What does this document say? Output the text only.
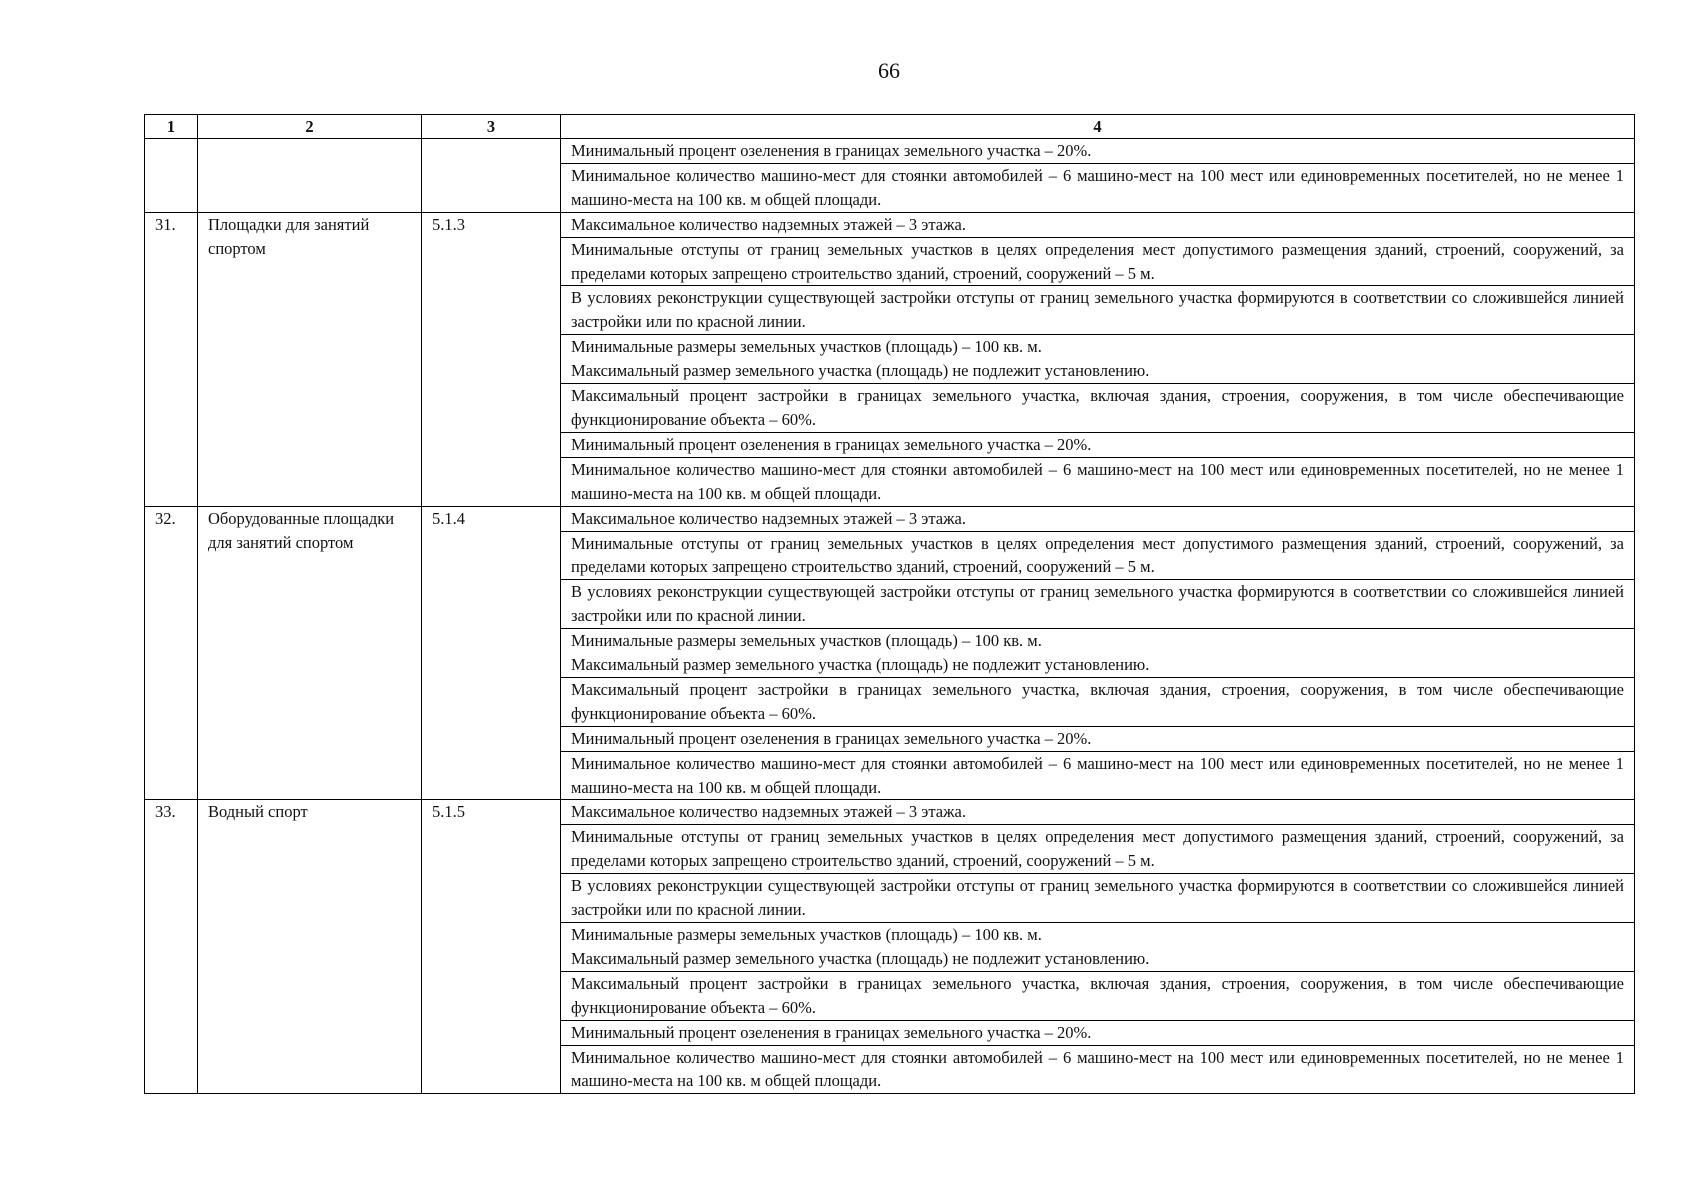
66
1	2	3	4

			Минимальный процент озеленения в границах земельного участка – 20%.

			Минимальное количество машино-мест для стоянки автомобилей – 6 машино-мест на 100 мест или единовременных посетителей, но не менее 1 машино-места на 100 кв. м общей площади.

31.	Площадки для занятий спортом	5.1.3	Максимальное количество надземных этажей – 3 этажа.

			Минимальные отступы от границ земельных участков в целях определения мест допустимого размещения зданий, строений, сооружений, за пределами которых запрещено строительство зданий, строений, сооружений – 5 м.

			В условиях реконструкции существующей застройки отступы от границ земельного участка формируются в соответствии со сложившейся линией застройки или по красной линии.

			Минимальные размеры земельных участков (площадь) – 100 кв. м.
Максимальный размер земельного участка (площадь) не подлежит установлению.

			Максимальный процент застройки в границах земельного участка, включая здания, строения, сооружения, в том числе обеспечивающие функционирование объекта – 60%.

			Минимальный процент озеленения в границах земельного участка – 20%.

			Минимальное количество машино-мест для стоянки автомобилей – 6 машино-мест на 100 мест или единовременных посетителей, но не менее 1 машино-места на 100 кв. м общей площади.

32.	Оборудованные площадки для занятий спортом	5.1.4	Максимальное количество надземных этажей – 3 этажа.

			Минимальные отступы от границ земельных участков в целях определения мест допустимого размещения зданий, строений, сооружений, за пределами которых запрещено строительство зданий, строений, сооружений – 5 м.

			В условиях реконструкции существующей застройки отступы от границ земельного участка формируются в соответствии со сложившейся линией застройки или по красной линии.

			Минимальные размеры земельных участков (площадь) – 100 кв. м.
Максимальный размер земельного участка (площадь) не подлежит установлению.

			Максимальный процент застройки в границах земельного участка, включая здания, строения, сооружения, в том числе обеспечивающие функционирование объекта – 60%.

			Минимальный процент озеленения в границах земельного участка – 20%.

			Минимальное количество машино-мест для стоянки автомобилей – 6 машино-мест на 100 мест или единовременных посетителей, но не менее 1 машино-места на 100 кв. м общей площади.

33.	Водный спорт	5.1.5	Максимальное количество надземных этажей – 3 этажа.

			Минимальные отступы от границ земельных участков в целях определения мест допустимого размещения зданий, строений, сооружений, за пределами которых запрещено строительство зданий, строений, сооружений – 5 м.

			В условиях реконструкции существующей застройки отступы от границ земельного участка формируются в соответствии со сложившейся линией застройки или по красной линии.

			Минимальные размеры земельных участков (площадь) – 100 кв. м.
Максимальный размер земельного участка (площадь) не подлежит установлению.

			Максимальный процент застройки в границах земельного участка, включая здания, строения, сооружения, в том числе обеспечивающие функционирование объекта – 60%.

			Минимальный процент озеленения в границах земельного участка – 20%.

			Минимальное количество машино-мест для стоянки автомобилей – 6 машино-мест на 100 мест или единовременных посетителей, но не менее 1 машино-места на 100 кв. м общей площади.
